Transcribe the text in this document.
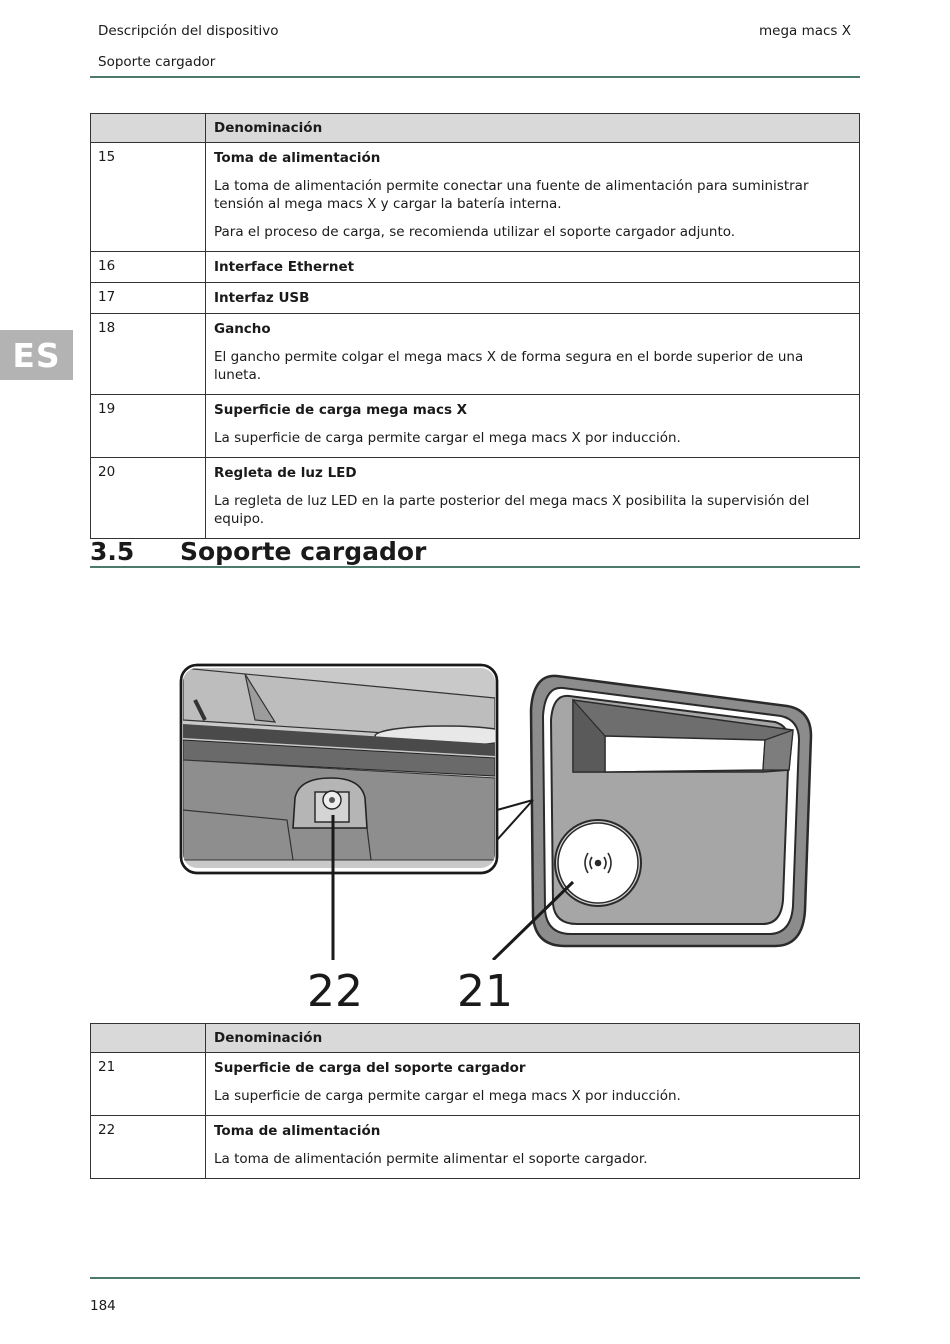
Descripción del dispositivo
Soporte cargador
mega macs X
ES
	Denominación
15	Toma de alimentación
La toma de alimentación permite conectar una fuente de alimentación para suministrar tensión al mega macs X y cargar la batería interna.
Para el proceso de carga, se recomienda utilizar el soporte cargador adjunto.

16	Interface Ethernet

17	Interfaz USB

18	Gancho
El gancho permite colgar el mega macs X de forma segura en el borde superior de una luneta.

19	Superficie de carga mega macs X
La superficie de carga permite cargar el mega macs X por inducción.

20	Regleta de luz LED
La regleta de luz LED en la parte posterior del mega macs X posibilita la supervisión del equipo.
3.5 Soporte cargador
22 21
	Denominación
21	Superficie de carga del soporte cargador
La superficie de carga permite cargar el mega macs X por inducción.

22	Toma de alimentación
La toma de alimentación permite alimentar el soporte cargador.
184
